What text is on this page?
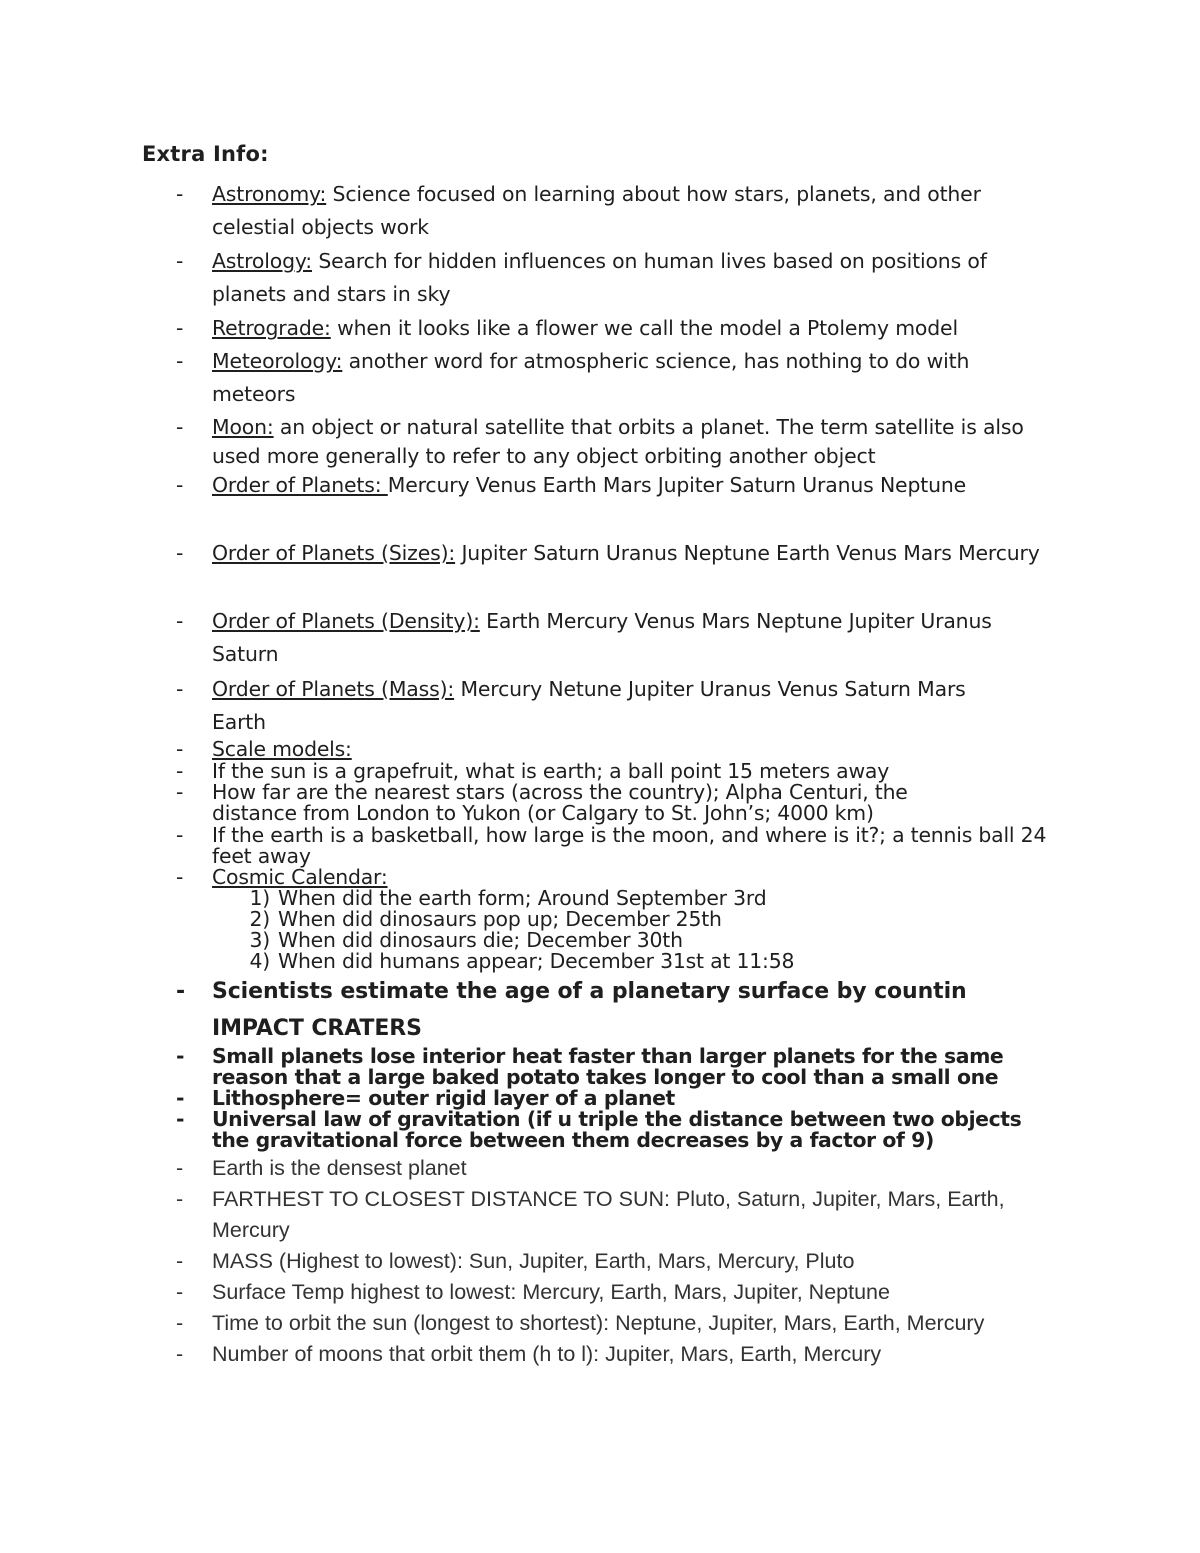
Extra Info:
- Astronomy: Science focused on learning about how stars, planets, and other celestial objects work
- Astrology: Search for hidden influences on human lives based on positions of planets and stars in sky
- Retrograde: when it looks like a flower we call the model a Ptolemy model
- Meteorology: another word for atmospheric science, has nothing to do with meteors
- Moon: an object or natural satellite that orbits a planet. The term satellite is also used more generally to refer to any object orbiting another object
- Order of Planets: Mercury Venus Earth Mars Jupiter Saturn Uranus Neptune
- Order of Planets (Sizes): Jupiter Saturn Uranus Neptune Earth Venus Mars Mercury
- Order of Planets (Density): Earth Mercury Venus Mars Neptune Jupiter Uranus Saturn
- Order of Planets (Mass): Mercury Netune Jupiter Uranus Venus Saturn Mars Earth
- Scale models:
- If the sun is a grapefruit, what is earth; a ball point 15 meters away
- How far are the nearest stars (across the country); Alpha Centuri, the distance from London to Yukon (or Calgary to St. John’s; 4000 km)
- If the earth is a basketball, how large is the moon, and where is it?; a tennis ball 24 feet away
- Cosmic Calendar:
1) When did the earth form; Around September 3rd
2) When did dinosaurs pop up; December 25th
3) When did dinosaurs die; December 30th
4) When did humans appear; December 31st at 11:58
- Scientists estimate the age of a planetary surface by countin IMPACT CRATERS
- Small planets lose interior heat faster than larger planets for the same reason that a large baked potato takes longer to cool than a small one
- Lithosphere= outer rigid layer of a planet
- Universal law of gravitation (if u triple the distance between two objects the gravitational force between them decreases by a factor of 9)
- Earth is the densest planet
- FARTHEST TO CLOSEST DISTANCE TO SUN: Pluto, Saturn, Jupiter, Mars, Earth, Mercury
- MASS (Highest to lowest): Sun, Jupiter, Earth, Mars, Mercury, Pluto
- Surface Temp highest to lowest: Mercury, Earth, Mars, Jupiter, Neptune
- Time to orbit the sun (longest to shortest): Neptune, Jupiter, Mars, Earth, Mercury
- Number of moons that orbit them (h to l): Jupiter, Mars, Earth, Mercury
